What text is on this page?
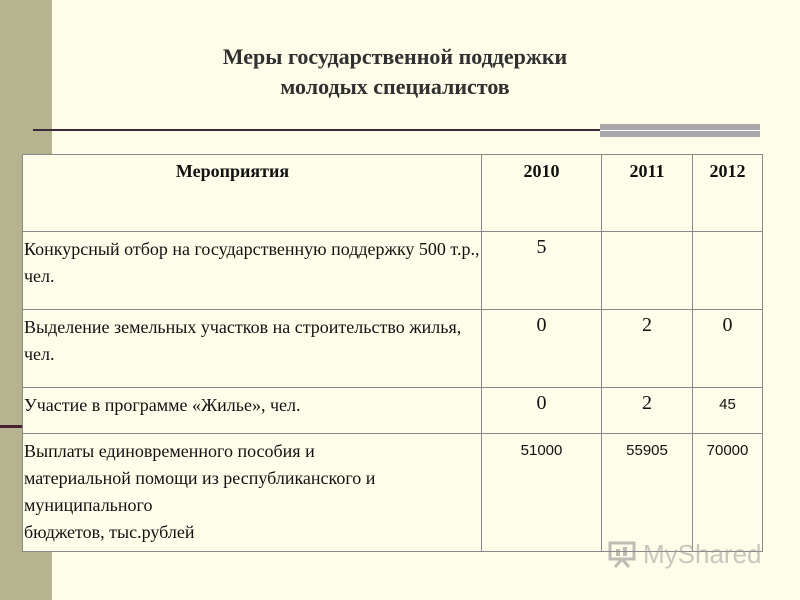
Меры государственной поддержки
молодых специалистов
Мероприятия	2010	2011	2012
Конкурсный отбор на государственную поддержку 500 т.р., чел.	5		
Выделение земельных участков на строительство жилья, чел.	0	2	0
Участие в программе «Жилье», чел.	0	2	45

Выплаты единовременного пособия и
материальной помощи из республиканского и
муниципального
бюджетов, тыс.рублей	51000	55905	70000
MyShared
